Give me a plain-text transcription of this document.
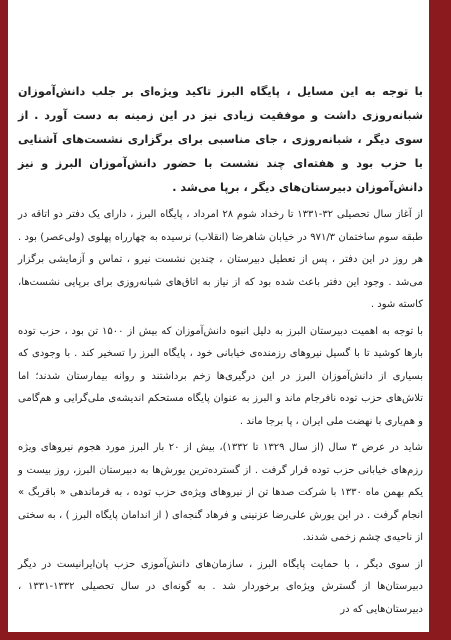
با توجه به این مسایل ، پایگاه البرز تاکید ویژه‌ای بر جلب دانش‌آموزان شبانه‌روزی داشت و موفقیت زیادی نیز در این زمینه به دست آورد . از سوی دیگر ، شبانه‌روزی ، جای مناسبی برای برگزاری نشست‌های آشنایی با حزب بود و هفته‌ای چند نشست با حضور دانش‌آموزان البرز و نیز دانش‌آموزان دبیرستان‌های دیگر ، برپا می‌شد .

از آغاز سال تحصیلی ۳۲-۱۳۳۱ تا رخداد شوم ۲۸ امرداد ، پایگاه البرز ، دارای یک دفتر دو اتاقه در طبقه سوم ساختمان ۹۷۱/۳ در خیابان شاهرضا (انقلاب) نرسیده به چهارراه پهلوی (ولی‌عصر) بود . هر روز در این دفتر ، پس از تعطیل دبیرستان ، چندین نشست نیرو ، تماس و آزمایشی برگزار می‌شد . وجود این دفتر باعث شده بود که از نیاز به اتاق‌های شبانه‌روزی برای برپایی نشست‌ها، کاسته شود .

با توجه به اهمیت دبیرستان البرز به دلیل انبوه دانش‌آموزان که بیش از ۱۵۰۰ تن بود ، حزب توده بارها کوشید تا با گسیل نیروهای رزمنده‌ی خیابانی خود ، پایگاه البرز را تسخیر کند . با وجودی که بسیاری از دانش‌آموزان البرز در این درگیری‌ها زخم برداشتند و روانه بیمارستان شدند؛ اما تلاش‌های حزب توده نافرجام ماند و البرز به عنوان پایگاه مستحکم اندیشه‌ی ملی‌گرایی و هم‌گامی و هم‌یاری با نهضت ملی ایران ، پا برجا ماند .

شاید در عرض ۳ سال (از سال ۱۳۲۹ تا ۱۳۳۲)، بیش از ۲۰ بار البرز مورد هجوم نیروهای ویژه رزم‌های خیابانی حزب توده قرار گرفت . از گسترده‌ترین یورش‌ها به دبیرستان البرز، روز بیست و یکم بهمن ماه ۱۳۳۰ با شرکت صدها تن از نیروهای ویژه‌ی حزب توده ، به فرماندهی « باقربگ » انجام گرفت . در این یورش علی‌رضا عزنینی و فرهاد گنجه‌ای ( از اندامان پایگاه البرز ) ، به سختی از ناحیه‌ی چشم زخمی شدند.

از سوی دیگر ، با حمایت پایگاه البرز ، سازمان‌های دانش‌آموزی حزب پان‌ایرانیست در دیگر دبیرستان‌ها از گسترش ویژه‌ای برخوردار شد . به گونه‌ای در سال تحصیلی ۱۳۳۲-۱۳۳۱ ، دبیرستان‌هایی که در
